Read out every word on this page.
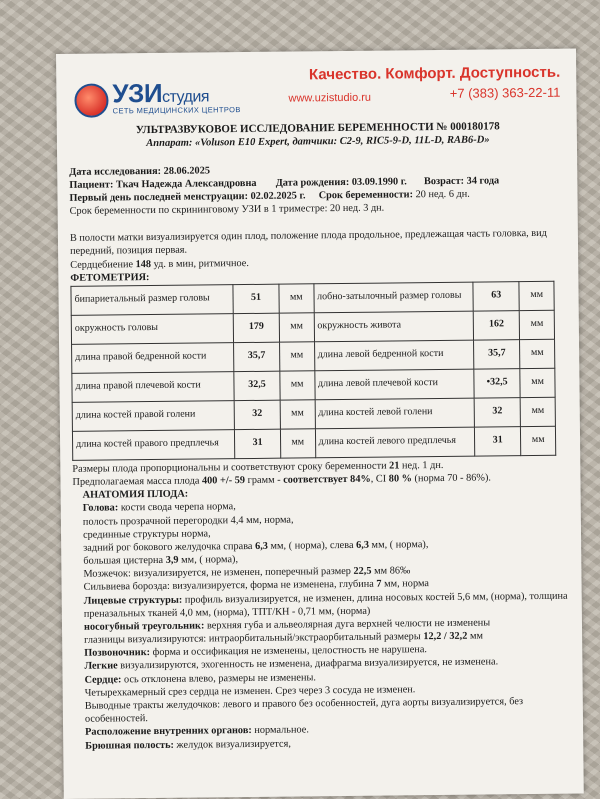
УЗИстудия
СЕТЬ МЕДИЦИНСКИХ ЦЕНТРОВ
Качество. Комфорт. Доступность.
www.uzistudio.ru	+7 (383) 363-22-11
УЛЬТРАЗВУКОВОЕ ИССЛЕДОВАНИЕ БЕРЕМЕННОСТИ № 000180178
Аппарат: «Voluson E10 Expert, датчики: C2-9, RIC5-9-D, 11L-D, RAB6-D»

Дата исследования: 28.06.2025

Пациент: Ткач Надежда Александровна Дата рождения: 03.09.1990 г. Возраст: 34 года

Первый день последней менструации: 02.02.2025 г. Срок беременности: 20 нед. 6 дн.

Срок беременности по скрининговому УЗИ в 1 триместре: 20 нед. 3 дн.

В полости матки визуализируется один плод, положение плода продольное, предлежащая часть головка, вид передний, позиция первая.

Сердцебиение 148 уд. в мин, ритмичное.

ФЕТОМЕТРИЯ:

бипариетальный размер головы	51	мм	лобно-затылочный размер головы	63	мм
окружность головы	179	мм	окружность живота	162	мм
длина правой бедренной кости	35,7	мм	длина левой бедренной кости	35,7	мм
длина правой плечевой кости	32,5	мм	длина левой плечевой кости	•32,5	мм
длина костей правой голени	32	мм	длина костей левой голени	32	мм
длина костей правого предплечья	31	мм	длина костей левого предплечья	31	мм

Размеры плода пропорциональны и соответствуют сроку беременности 21 нед. 1 дн.

Предполагаемая масса плода 400 +/- 59 грамм - соответствует 84%, CI 80 % (норма 70 - 86%).

АНАТОМИЯ ПЛОДА:

Голова: кости свода черепа норма,

полость прозрачной перегородки 4,4 мм, норма,

срединные структуры норма,

задний рог бокового желудочка справа 6,3 мм, ( норма), слева 6,3 мм, ( норма),

большая цистерна 3,9 мм, ( норма),

Мозжечок: визуализируется, не изменен, поперечный размер 22,5 мм 86‰

Сильвиева борозда: визуализируется, форма не изменена, глубина 7 мм, норма

Лицевые структуры: профиль визуализируется, не изменен, длина носовых костей 5,6 мм, (норма), толщина преназальных тканей 4,0 мм, (норма), ТПТ/КН - 0,71 мм, (норма)

носогубный треугольник: верхняя губа и альвеолярная дуга верхней челюсти не изменены

глазницы визуализируются: интраорбитальный/экстраорбитальный размеры 12,2 / 32,2 мм

Позвоночник: форма и оссификация не изменены, целостность не нарушена.

Легкие визуализируются, эхогенность не изменена, диафрагма визуализируется, не изменена.

Сердце: ось отклонена влево, размеры не изменены.

Четырехкамерный срез сердца не изменен. Срез через 3 сосуда не изменен.

Выводные тракты желудочков: левого и правого без особенностей, дуга аорты визуализируется, без особенностей.

Расположение внутренних органов: нормальное.

Брюшная полость: желудок визуализируется,
